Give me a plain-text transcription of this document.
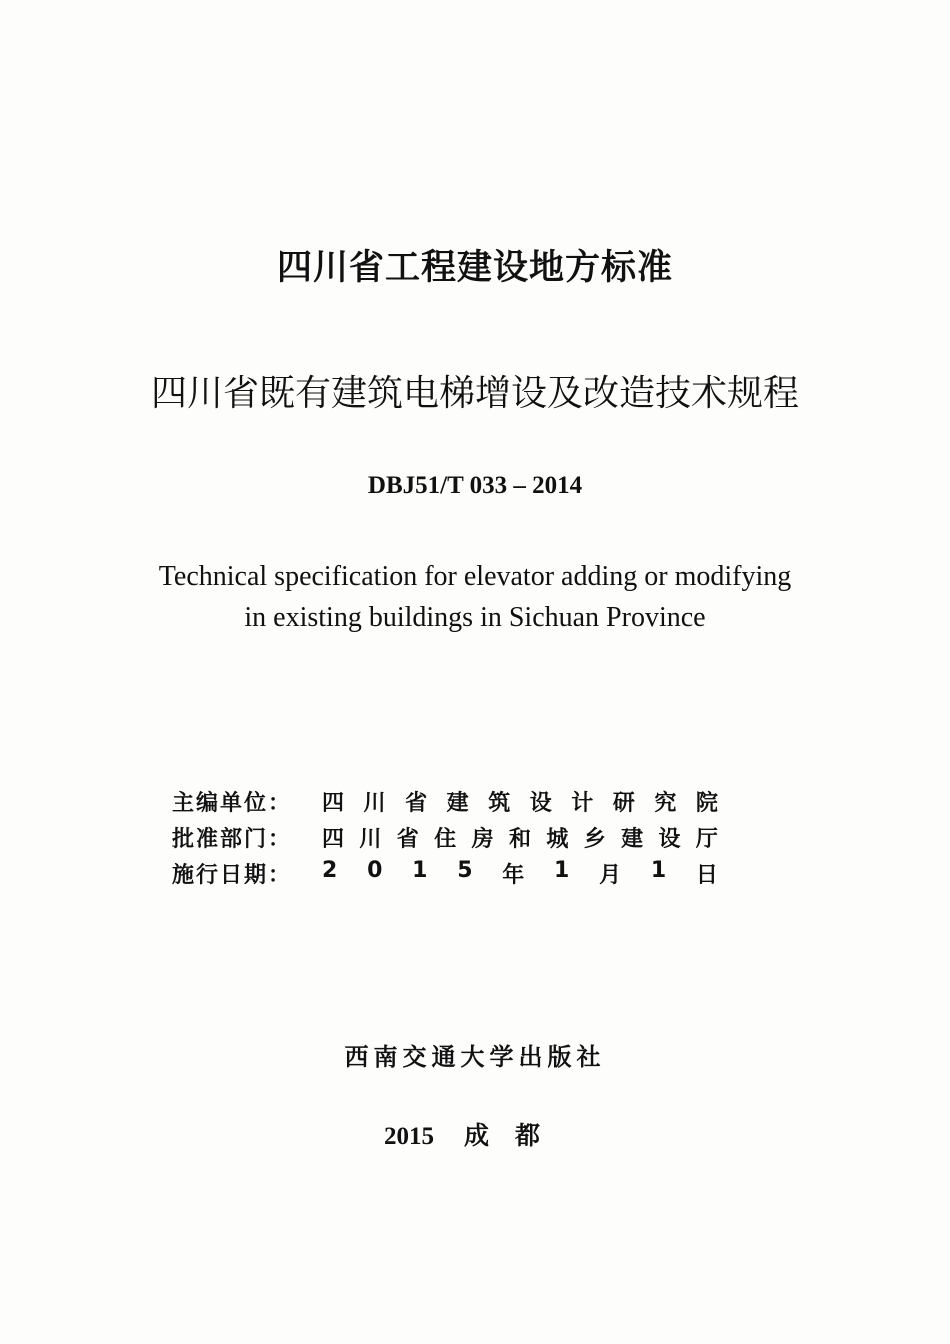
四川省工程建设地方标准
四川省既有建筑电梯增设及改造技术规程
DBJ51/T 033 – 2014
Technical specification for elevator adding or modifying
in existing buildings in Sichuan Province
主编单位：	四 川 省 建 筑 设 计 研 究 院
批准部门：	四 川 省 住 房 和 城 乡 建 设 厅
施行日期：	2 0 1 5 年 1 月 1 日
西南交通大学出版社
2015 成都
